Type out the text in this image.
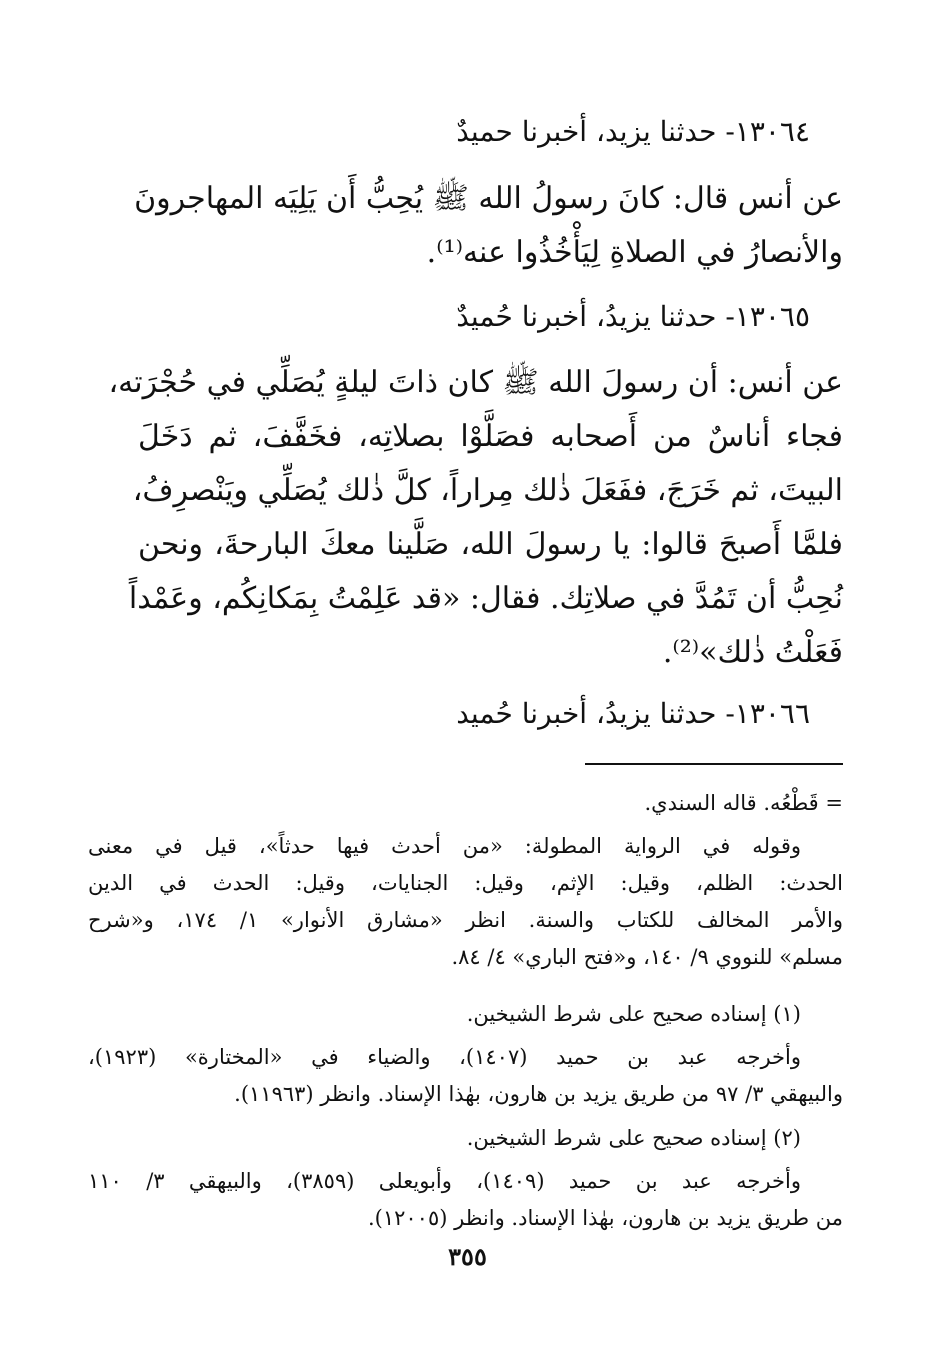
١٣٠٦٤- حدثنا يزيد، أخبرنا حميدٌ
عن أنس قال: كانَ رسولُ الله ﷺ يُحِبُّ أَن يَلِيَه المهاجرونَ
والأنصارُ في الصلاةِ لِيَأْخُذُوا عنه⁽¹⁾.
١٣٠٦٥- حدثنا يزيدُ، أخبرنا حُميدٌ
عن أنس: أن رسولَ الله ﷺ كان ذاتَ ليلةٍ يُصَلِّي في حُجْرَته،
فجاء أناسٌ من أَصحابه فصَلَّوْا بصلاتِه، فخَفَّفَ، ثم دَخَلَ
البيتَ، ثم خَرَجَ، ففَعَلَ ذٰلك مِراراً، كلَّ ذٰلك يُصَلِّي ويَنْصرِفُ،
فلمَّا أَصبحَ قالوا: يا رسولَ الله، صَلَّينا معكَ البارحةَ، ونحن
نُحِبُّ أن تَمُدَّ في صلاتِك. فقال: «قد عَلِمْتُ بِمَكانِكُم، وعَمْداً
فَعَلْتُ ذٰلك»⁽²⁾.
١٣٠٦٦- حدثنا يزيدُ، أخبرنا حُميد
= قَطْعُه. قاله السندي.
وقوله في الرواية المطولة: «من أحدث فيها حدثاً»، قيل في معنى
الحدث: الظلم، وقيل: الإثم، وقيل: الجنايات، وقيل: الحدث في الدين
والأمر المخالف للكتاب والسنة. انظر «مشارق الأنوار» ١/ ١٧٤، و«شرح
مسلم» للنووي ٩/ ١٤٠، و«فتح الباري» ٤/ ٨٤.
(١) إسناده صحيح على شرط الشيخين.
وأخرجه عبد بن حميد (١٤٠٧)، والضياء في «المختارة» (١٩٢٣)،
والبيهقي ٣/ ٩٧ من طريق يزيد بن هارون، بهٰذا الإسناد. وانظر (١١٩٦٣).
(٢) إسناده صحيح على شرط الشيخين.
وأخرجه عبد بن حميد (١٤٠٩)، وأبويعلى (٣٨٥٩)، والبيهقي ٣/ ١١٠
من طريق يزيد بن هارون، بهٰذا الإسناد. وانظر (١٢٠٠٥).
٣٥٥
